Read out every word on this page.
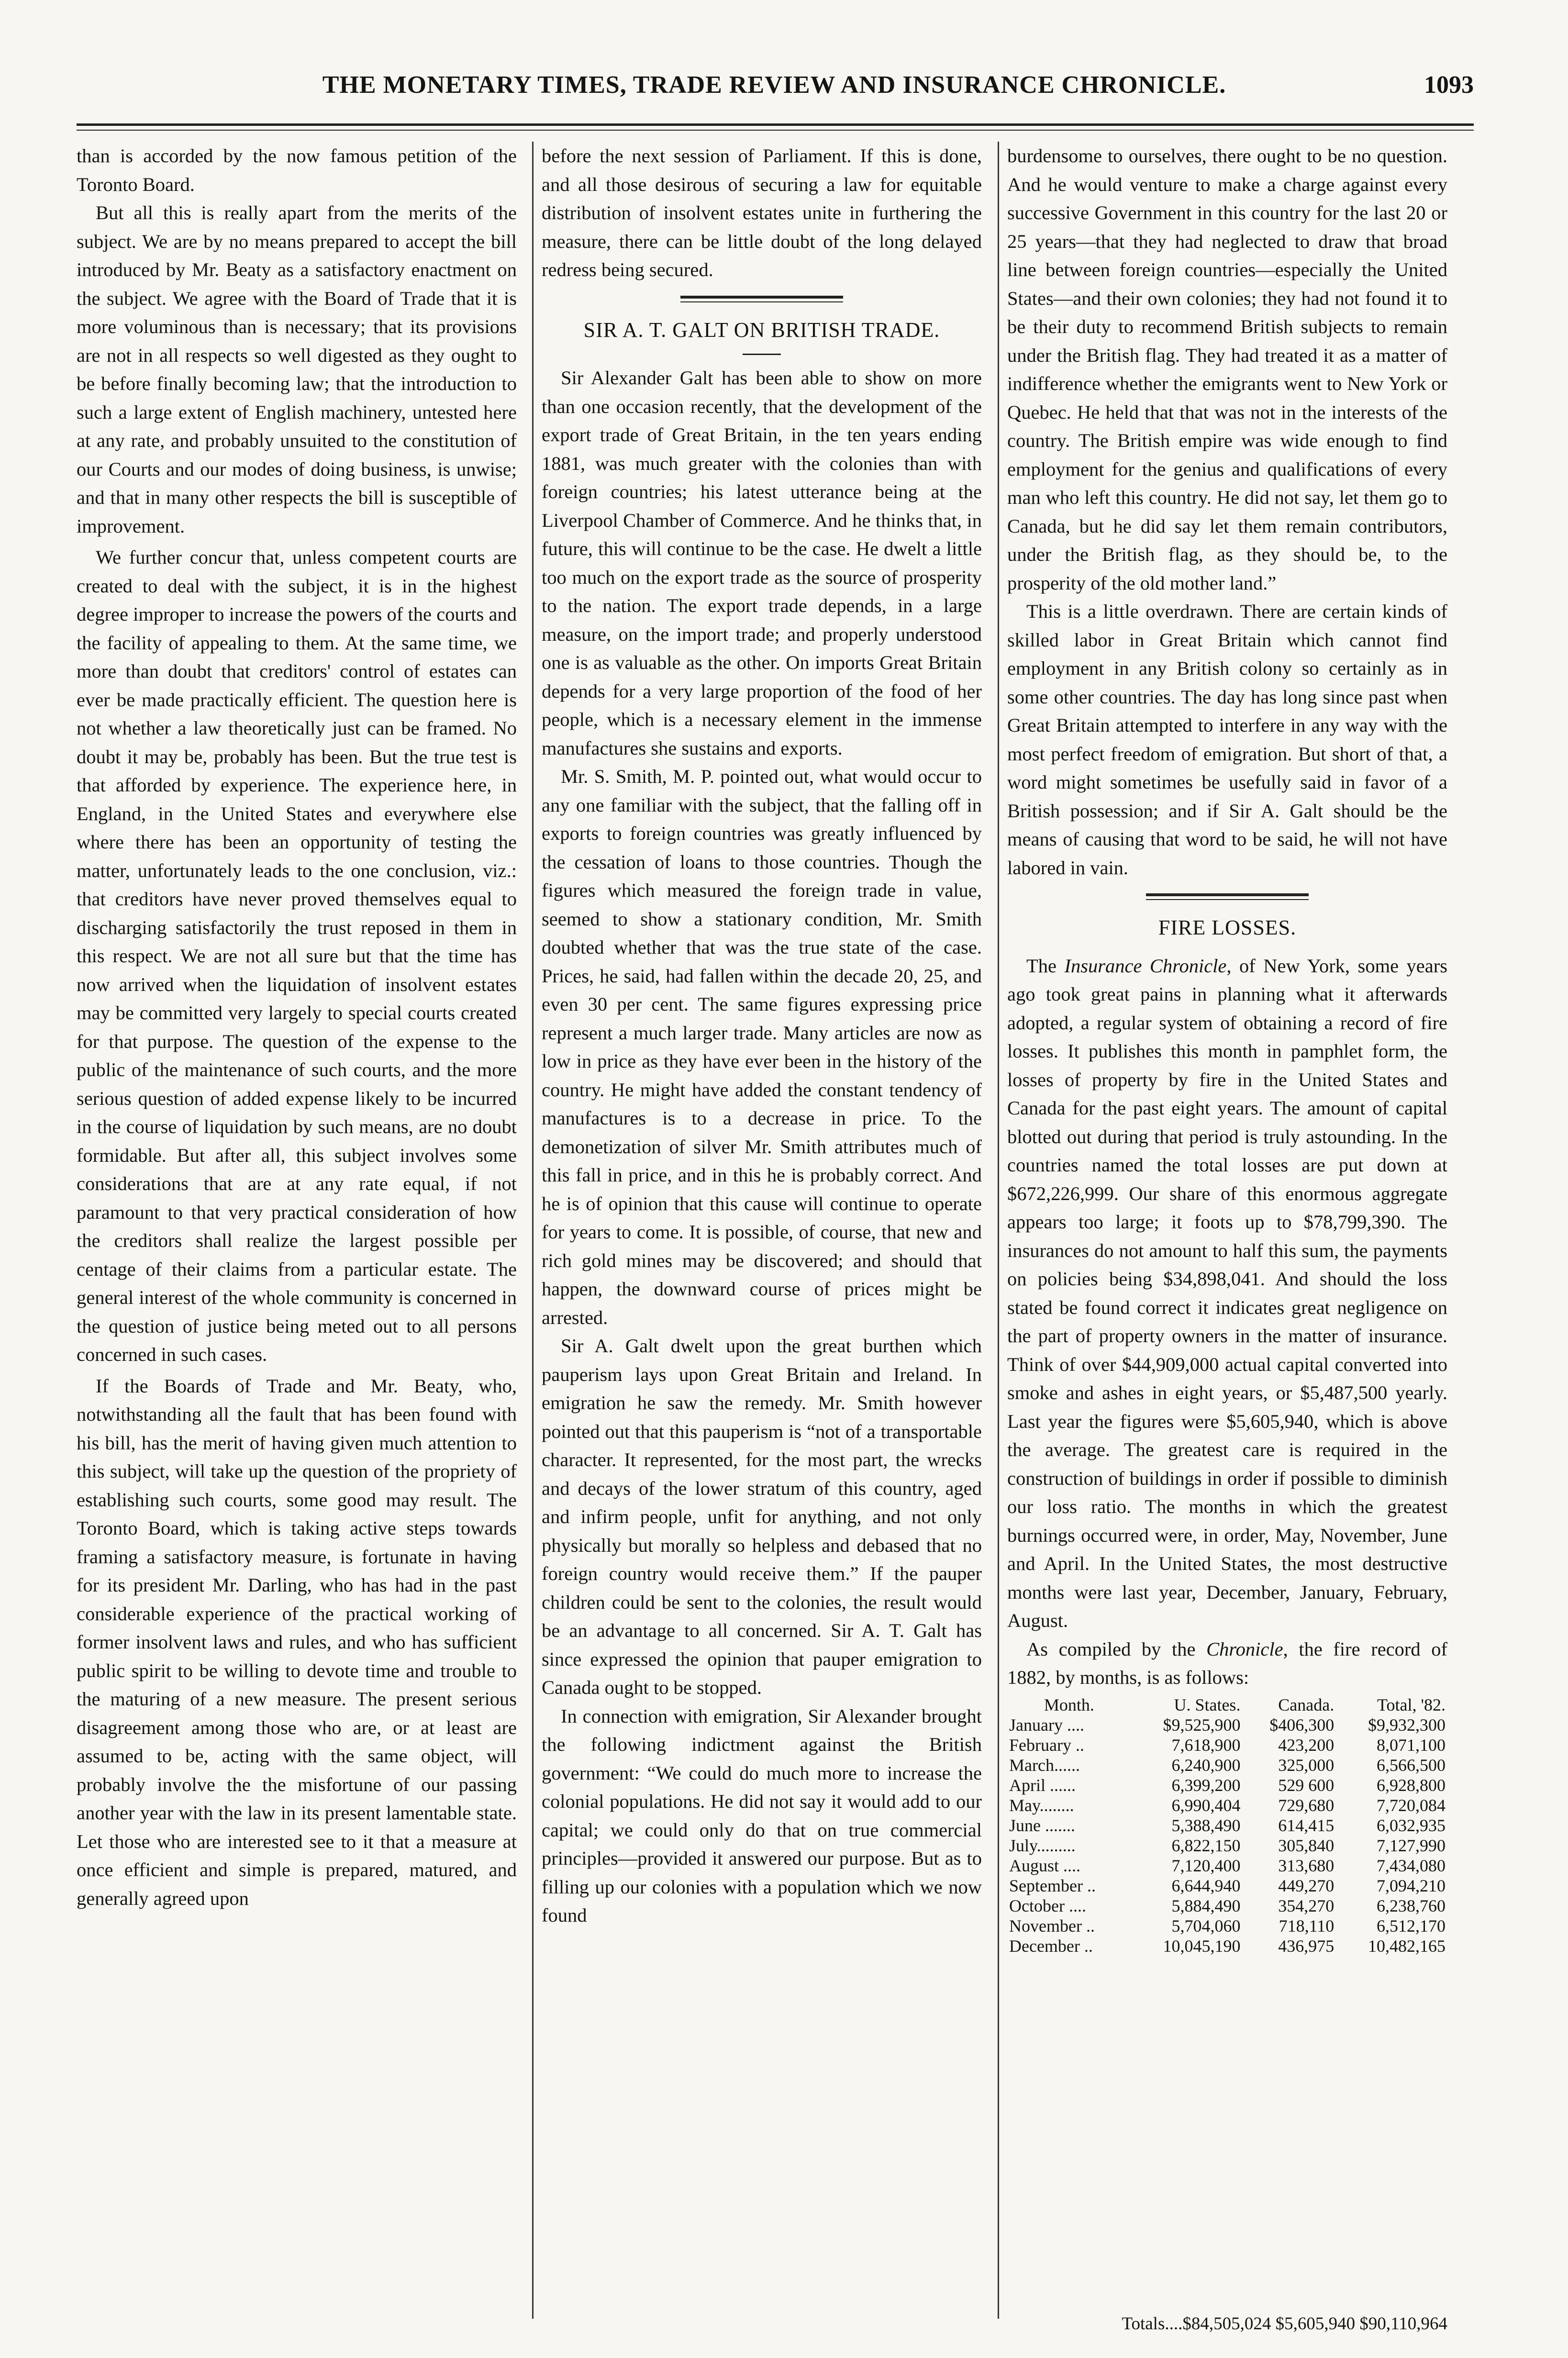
THE MONETARY TIMES, TRADE REVIEW AND INSURANCE CHRONICLE.	1093

than is accorded by the now famous petition of the Toronto Board.

But all this is really apart from the merits of the subject. We are by no means prepared to accept the bill introduced by Mr. Beaty as a satisfactory enactment on the subject. We agree with the Board of Trade that it is more voluminous than is necessary; that its provisions are not in all respects so well digested as they ought to be before finally becoming law; that the introduction to such a large extent of English machinery, untested here at any rate, and probably unsuited to the constitution of our Courts and our modes of doing business, is unwise; and that in many other respects the bill is susceptible of improvement.

We further concur that, unless competent courts are created to deal with the subject, it is in the highest degree improper to increase the powers of the courts and the facility of appealing to them. At the same time, we more than doubt that creditors' control of estates can ever be made practically efficient. The question here is not whether a law theoretically just can be framed. No doubt it may be, probably has been. But the true test is that afforded by experience. The experience here, in England, in the United States and everywhere else where there has been an opportunity of testing the matter, unfortunately leads to the one conclusion, viz.: that creditors have never proved themselves equal to discharging satisfactorily the trust reposed in them in this respect. We are not all sure but that the time has now arrived when the liquidation of insolvent estates may be committed very largely to special courts created for that purpose. The question of the expense to the public of the maintenance of such courts, and the more serious question of added expense likely to be incurred in the course of liquidation by such means, are no doubt formidable. But after all, this subject involves some considerations that are at any rate equal, if not paramount to that very practical consideration of how the creditors shall realize the largest possible per centage of their claims from a particular estate. The general interest of the whole community is concerned in the question of justice being meted out to all persons concerned in such cases.

If the Boards of Trade and Mr. Beaty, who, notwithstanding all the fault that has been found with his bill, has the merit of having given much attention to this subject, will take up the question of the propriety of establishing such courts, some good may result. The Toronto Board, which is taking active steps towards framing a satisfactory measure, is fortunate in having for its president Mr. Darling, who has had in the past considerable experience of the practical working of former insolvent laws and rules, and who has sufficient public spirit to be willing to devote time and trouble to the maturing of a new measure. The present serious disagreement among those who are, or at least are assumed to be, acting with the same object, will probably involve the the misfortune of our passing another year with the law in its present lamentable state. Let those who are interested see to it that a measure at once efficient and simple is prepared, matured, and generally agreed upon

before the next session of Parliament. If this is done, and all those desirous of securing a law for equitable distribution of insolvent estates unite in furthering the measure, there can be little doubt of the long delayed redress being secured.

SIR A. T. GALT ON BRITISH TRADE.

Sir Alexander Galt has been able to show on more than one occasion recently, that the development of the export trade of Great Britain, in the ten years ending 1881, was much greater with the colonies than with foreign countries; his latest utterance being at the Liverpool Chamber of Commerce. And he thinks that, in future, this will continue to be the case. He dwelt a little too much on the export trade as the source of prosperity to the nation. The export trade depends, in a large measure, on the import trade; and properly understood one is as valuable as the other. On imports Great Britain depends for a very large proportion of the food of her people, which is a necessary element in the immense manufactures she sustains and exports.

Mr. S. Smith, M. P. pointed out, what would occur to any one familiar with the subject, that the falling off in exports to foreign countries was greatly influenced by the cessation of loans to those countries. Though the figures which measured the foreign trade in value, seemed to show a stationary condition, Mr. Smith doubted whether that was the true state of the case. Prices, he said, had fallen within the decade 20, 25, and even 30 per cent. The same figures expressing price represent a much larger trade. Many articles are now as low in price as they have ever been in the history of the country. He might have added the constant tendency of manufactures is to a decrease in price. To the demonetization of silver Mr. Smith attributes much of this fall in price, and in this he is probably correct. And he is of opinion that this cause will continue to operate for years to come. It is possible, of course, that new and rich gold mines may be discovered; and should that happen, the downward course of prices might be arrested.

Sir A. Galt dwelt upon the great burthen which pauperism lays upon Great Britain and Ireland. In emigration he saw the remedy. Mr. Smith however pointed out that this pauperism is “not of a transportable character. It represented, for the most part, the wrecks and decays of the lower stratum of this country, aged and infirm people, unfit for anything, and not only physically but morally so helpless and debased that no foreign country would receive them.” If the pauper children could be sent to the colonies, the result would be an advantage to all concerned. Sir A. T. Galt has since expressed the opinion that pauper emigration to Canada ought to be stopped.

In connection with emigration, Sir Alexander brought the following indictment against the British government: “We could do much more to increase the colonial populations. He did not say it would add to our capital; we could only do that on true commercial principles—provided it answered our purpose. But as to filling up our colonies with a population which we now found

burdensome to ourselves, there ought to be no question. And he would venture to make a charge against every successive Government in this country for the last 20 or 25 years—that they had neglected to draw that broad line between foreign countries—especially the United States—and their own colonies; they had not found it to be their duty to recommend British subjects to remain under the British flag. They had treated it as a matter of indifference whether the emigrants went to New York or Quebec. He held that that was not in the interests of the country. The British empire was wide enough to find employment for the genius and qualifications of every man who left this country. He did not say, let them go to Canada, but he did say let them remain contributors, under the British flag, as they should be, to the prosperity of the old mother land.”

This is a little overdrawn. There are certain kinds of skilled labor in Great Britain which cannot find employment in any British colony so certainly as in some other countries. The day has long since past when Great Britain attempted to interfere in any way with the most perfect freedom of emigration. But short of that, a word might sometimes be usefully said in favor of a British possession; and if Sir A. Galt should be the means of causing that word to be said, he will not have labored in vain.

FIRE LOSSES.

The Insurance Chronicle, of New York, some years ago took great pains in planning what it afterwards adopted, a regular system of obtaining a record of fire losses. It publishes this month in pamphlet form, the losses of property by fire in the United States and Canada for the past eight years. The amount of capital blotted out during that period is truly astounding. In the countries named the total losses are put down at $672,226,999. Our share of this enormous aggregate appears too large; it foots up to $78,799,390. The insurances do not amount to half this sum, the payments on policies being $34,898,041. And should the loss stated be found correct it indicates great negligence on the part of property owners in the matter of insurance. Think of over $44,909,000 actual capital converted into smoke and ashes in eight years, or $5,487,500 yearly. Last year the figures were $5,605,940, which is above the average. The greatest care is required in the construction of buildings in order if possible to diminish our loss ratio. The months in which the greatest burnings occurred were, in order, May, November, June and April. In the United States, the most destructive months were last year, December, January, February, August.

As compiled by the Chronicle, the fire record of 1882, by months, is as follows:

Month.	U. States.	Canada.	Total, '82.
January ....	$9,525,900	$406,300	$9,932,300
February ..	7,618,900	423,200	8,071,100
March......	6,240,900	325,000	6,566,500
April ......	6,399,200	529 600	6,928,800
May........	6,990,404	729,680	7,720,084
June .......	5,388,490	614,415	6,032,935
July.........	6,822,150	305,840	7,127,990
August ....	7,120,400	313,680	7,434,080
September ..	6,644,940	449,270	7,094,210
October ....	5,884,490	354,270	6,238,760
November ..	5,704,060	718,110	6,512,170
December ..	10,045,190	436,975	10,482,165
Totals....$84,505,024 $5,605,940 $90,110,964
